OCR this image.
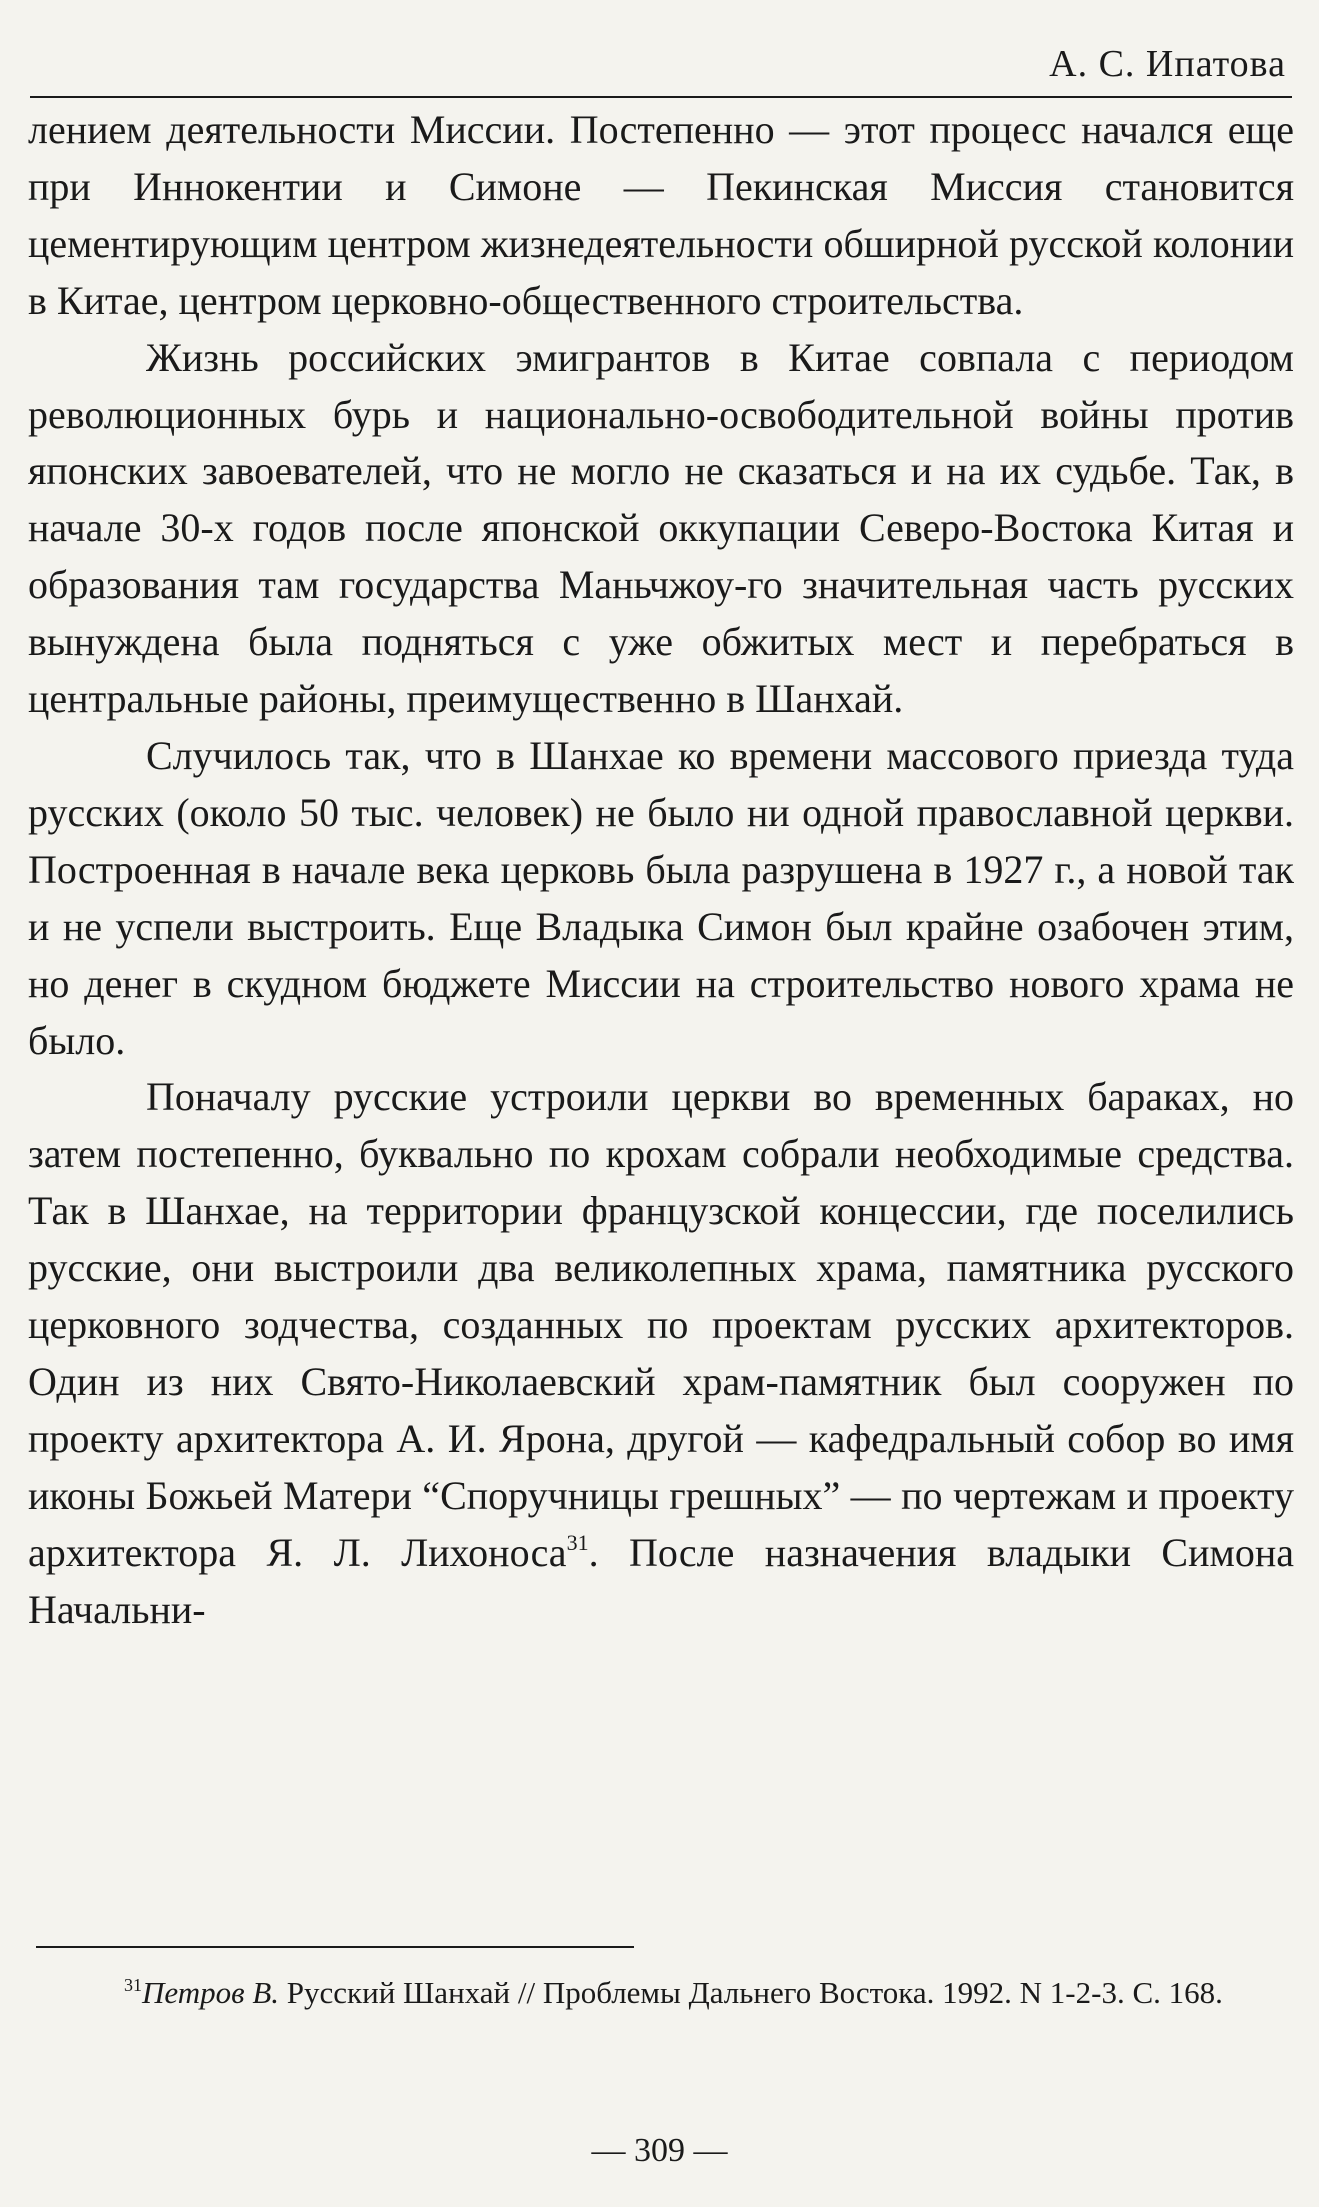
А. С. Ипатова

лением деятельности Миссии. Постепенно — этот процесс начался еще при Иннокентии и Симоне — Пекинская Миссия становится цементирующим центром жизнедеятельности обширной русской колонии в Китае, центром церковно-общественного строительства.

Жизнь российских эмигрантов в Китае совпала с периодом революционных бурь и национально-освободительной войны против японских завоевателей, что не могло не сказаться и на их судьбе. Так, в начале 30-х годов после японской оккупации Северо-Востока Китая и образования там государства Маньчжоу-го значительная часть русских вынуждена была подняться с уже обжитых мест и перебраться в центральные районы, преимущественно в Шанхай.

Случилось так, что в Шанхае ко времени массового приезда туда русских (около 50 тыс. человек) не было ни одной православной церкви. Построенная в начале века церковь была разрушена в 1927 г., а новой так и не успели выстроить. Еще Владыка Симон был крайне озабочен этим, но денег в скудном бюджете Миссии на строительство нового храма не было.

Поначалу русские устроили церкви во временных бараках, но затем постепенно, буквально по крохам собрали необходимые средства. Так в Шанхае, на территории французской концессии, где поселились русские, они выстроили два великолепных храма, памятника русского церковного зодчества, созданных по проектам русских архитекторов. Один из них Свято-Николаевский храм-памятник был сооружен по проекту архитектора А. И. Ярона, другой — кафедральный собор во имя иконы Божьей Матери “Споручницы грешных” — по чертежам и проекту архитектора Я. Л. Лихоноса$^{31}$. После назначения владыки Симона Начальни-

$^{31}$Петров В. Русский Шанхай // Проблемы Дальнего Востока. 1992. N 1-2-3. С. 168.
— 309 —
